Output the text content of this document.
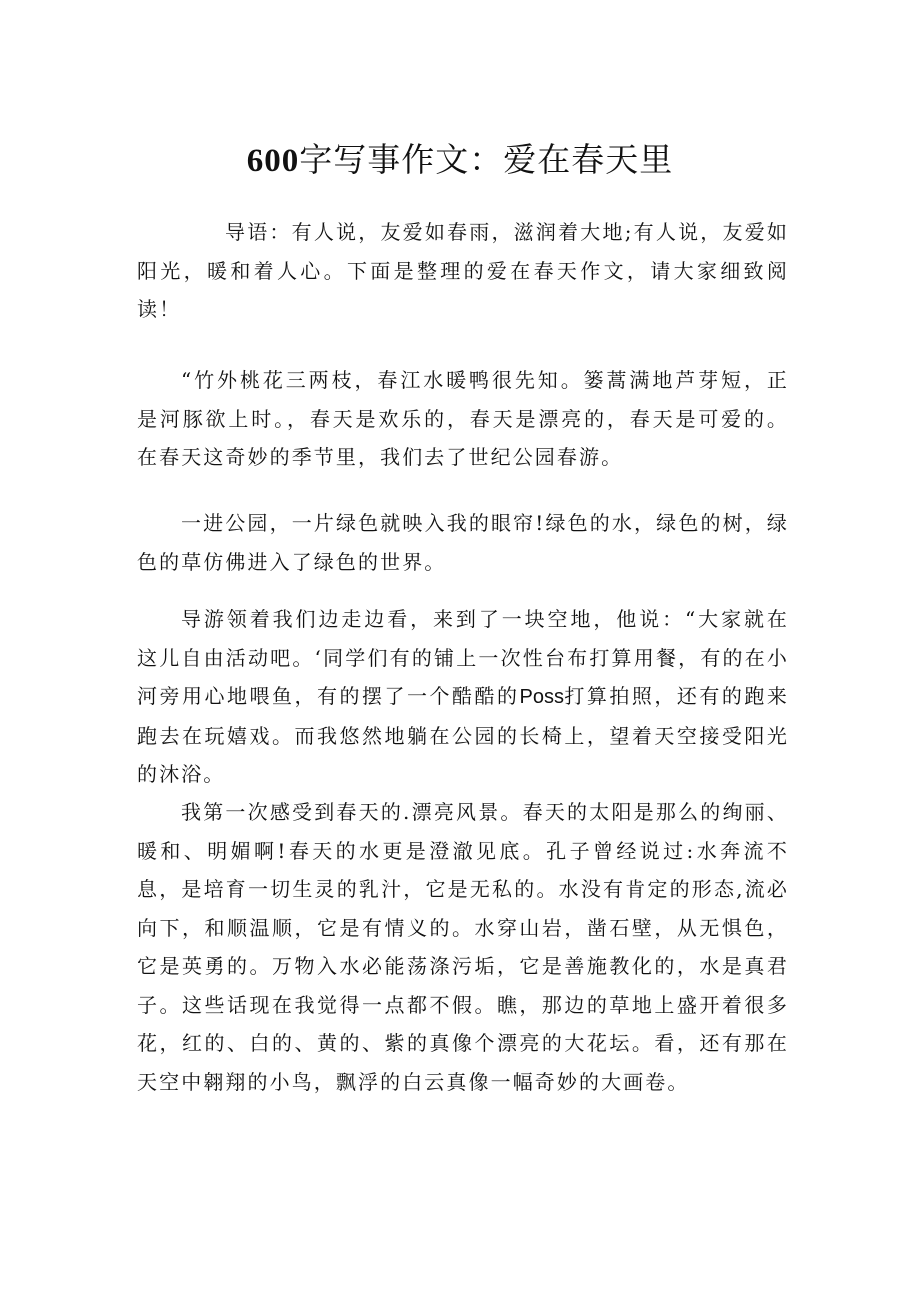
600字写事作文：爱在春天里

导语：有人说，友爱如春雨，滋润着大地;有人说，友爱如阳光，暖和着人心。下面是整理的爱在春天作文，请大家细致阅读！

“竹外桃花三两枝，春江水暖鸭很先知。篓蒿满地芦芽短，正是河豚欲上时。，春天是欢乐的，春天是漂亮的，春天是可爱的。在春天这奇妙的季节里，我们去了世纪公园春游。

一进公园，一片绿色就映入我的眼帘!绿色的水，绿色的树，绿色的草仿佛进入了绿色的世界。

导游领着我们边走边看，来到了一块空地，他说：“大家就在这儿自由活动吧。‘同学们有的铺上一次性台布打算用餐，有的在小河旁用心地喂鱼，有的摆了一个酷酷的Poss打算拍照，还有的跑来跑去在玩嬉戏。而我悠然地躺在公园的长椅上，望着天空接受阳光的沐浴。

我第一次感受到春天的.漂亮风景。春天的太阳是那么的绚丽、暖和、明媚啊!春天的水更是澄澈见底。孔子曾经说过:水奔流不息，是培育一切生灵的乳汁，它是无私的。水没有肯定的形态,流必向下，和顺温顺，它是有情义的。水穿山岩，凿石壁，从无惧色，它是英勇的。万物入水必能荡涤污垢，它是善施教化的，水是真君子。这些话现在我觉得一点都不假。瞧，那边的草地上盛开着很多花，红的、白的、黄的、紫的真像个漂亮的大花坛。看，还有那在天空中翱翔的小鸟，飘浮的白云真像一幅奇妙的大画卷。
